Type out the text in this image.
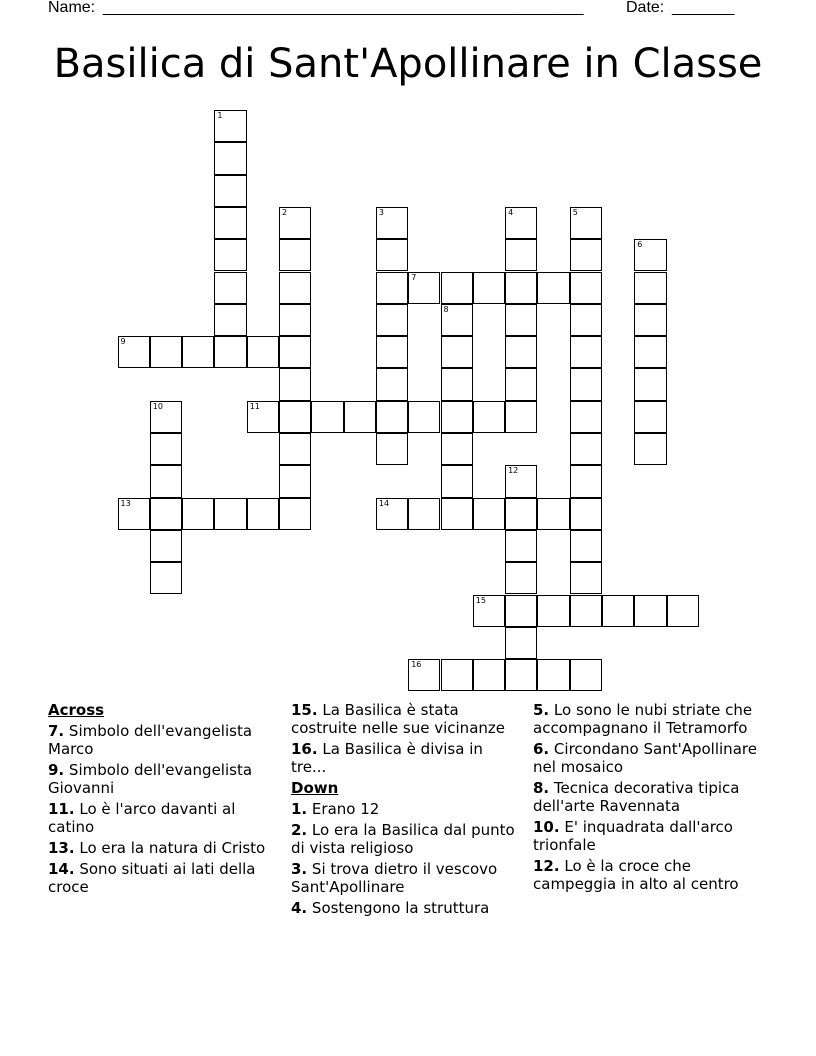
Name: ______________________________________________________	Date: _______
Basilica di Sant'Apollinare in Classe
7
9
11
13	14
15
16
1
2	3	4	5
6
8
10
12
Across
7. Simbolo dell'evangelista Marco
9. Simbolo dell'evangelista Giovanni
11. Lo è l'arco davanti al catino
13. Lo era la natura di Cristo
14. Sono situati ai lati della croce
15. La Basilica è stata costruite nelle sue vicinanze
16. La Basilica è divisa in tre...
Down
1. Erano 12
2. Lo era la Basilica dal punto di vista religioso
3. Si trova dietro il vescovo Sant'Apollinare
4. Sostengono la struttura
5. Lo sono le nubi striate che accompagnano il Tetramorfo
6. Circondano Sant'Apollinare nel mosaico
8. Tecnica decorativa tipica dell'arte Ravennata
10. E' inquadrata dall'arco trionfale
12. Lo è la croce che campeggia in alto al centro
